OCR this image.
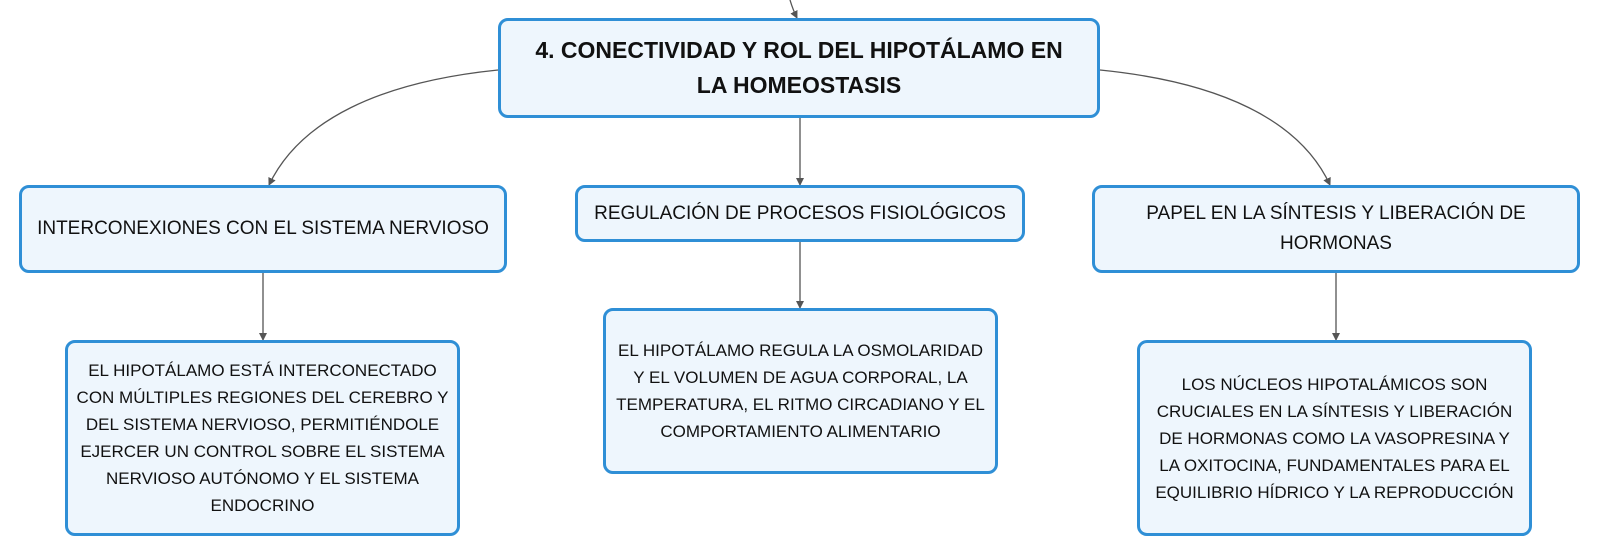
4. CONECTIVIDAD Y ROL DEL HIPOTÁLAMO EN LA HOMEOSTASIS
INTERCONEXIONES CON EL SISTEMA NERVIOSO
REGULACIÓN DE PROCESOS FISIOLÓGICOS	PAPEL EN LA SÍNTESIS Y LIBERACIÓN DE HORMONAS
EL HIPOTÁLAMO ESTÁ INTERCONECTADO CON MÚLTIPLES REGIONES DEL CEREBRO Y DEL SISTEMA NERVIOSO, PERMITIÉNDOLE EJERCER UN CONTROL SOBRE EL SISTEMA NERVIOSO AUTÓNOMO Y EL SISTEMA ENDOCRINO
EL HIPOTÁLAMO REGULA LA OSMOLARIDAD Y EL VOLUMEN DE AGUA CORPORAL, LA TEMPERATURA, EL RITMO CIRCADIANO Y EL COMPORTAMIENTO ALIMENTARIO
LOS NÚCLEOS HIPOTALÁMICOS SON CRUCIALES EN LA SÍNTESIS Y LIBERACIÓN DE HORMONAS COMO LA VASOPRESINA Y LA OXITOCINA, FUNDAMENTALES PARA EL EQUILIBRIO HÍDRICO Y LA REPRODUCCIÓN
